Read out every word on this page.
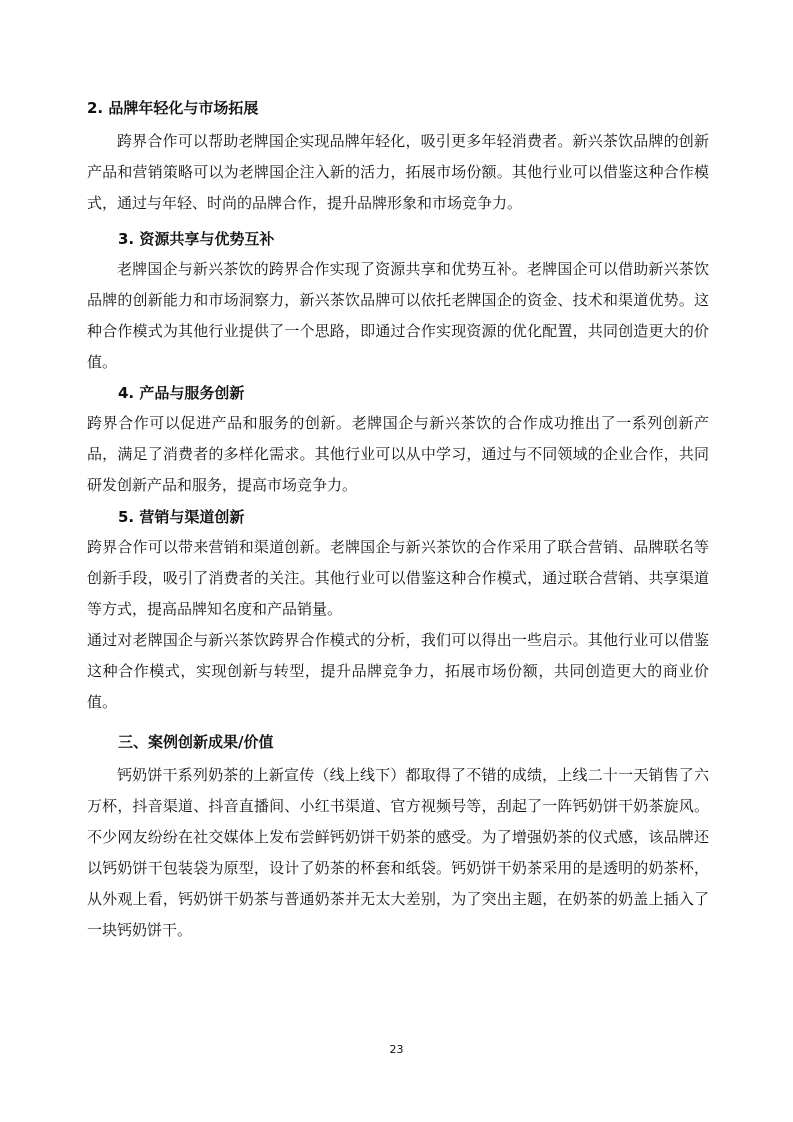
2. 品牌年轻化与市场拓展
跨界合作可以帮助老牌国企实现品牌年轻化，吸引更多年轻消费者。新兴茶饮品牌的创新产品和营销策略可以为老牌国企注入新的活力，拓展市场份额。其他行业可以借鉴这种合作模式，通过与年轻、时尚的品牌合作，提升品牌形象和市场竞争力。
3. 资源共享与优势互补
老牌国企与新兴茶饮的跨界合作实现了资源共享和优势互补。老牌国企可以借助新兴茶饮品牌的创新能力和市场洞察力，新兴茶饮品牌可以依托老牌国企的资金、技术和渠道优势。这种合作模式为其他行业提供了一个思路，即通过合作实现资源的优化配置，共同创造更大的价值。
4. 产品与服务创新
跨界合作可以促进产品和服务的创新。老牌国企与新兴茶饮的合作成功推出了一系列创新产品，满足了消费者的多样化需求。其他行业可以从中学习，通过与不同领域的企业合作，共同研发创新产品和服务，提高市场竞争力。
5. 营销与渠道创新
跨界合作可以带来营销和渠道创新。老牌国企与新兴茶饮的合作采用了联合营销、品牌联名等创新手段，吸引了消费者的关注。其他行业可以借鉴这种合作模式，通过联合营销、共享渠道等方式，提高品牌知名度和产品销量。
通过对老牌国企与新兴茶饮跨界合作模式的分析，我们可以得出一些启示。其他行业可以借鉴这种合作模式，实现创新与转型，提升品牌竞争力，拓展市场份额，共同创造更大的商业价值。
三、案例创新成果/价值
钙奶饼干系列奶茶的上新宣传（线上线下）都取得了不错的成绩，上线二十一天销售了六万杯，抖音渠道、抖音直播间、小红书渠道、官方视频号等，刮起了一阵钙奶饼干奶茶旋风。不少网友纷纷在社交媒体上发布尝鲜钙奶饼干奶茶的感受。为了增强奶茶的仪式感，该品牌还以钙奶饼干包装袋为原型，设计了奶茶的杯套和纸袋。钙奶饼干奶茶采用的是透明的奶茶杯，从外观上看，钙奶饼干奶茶与普通奶茶并无太大差别，为了突出主题，在奶茶的奶盖上插入了一块钙奶饼干。
23
